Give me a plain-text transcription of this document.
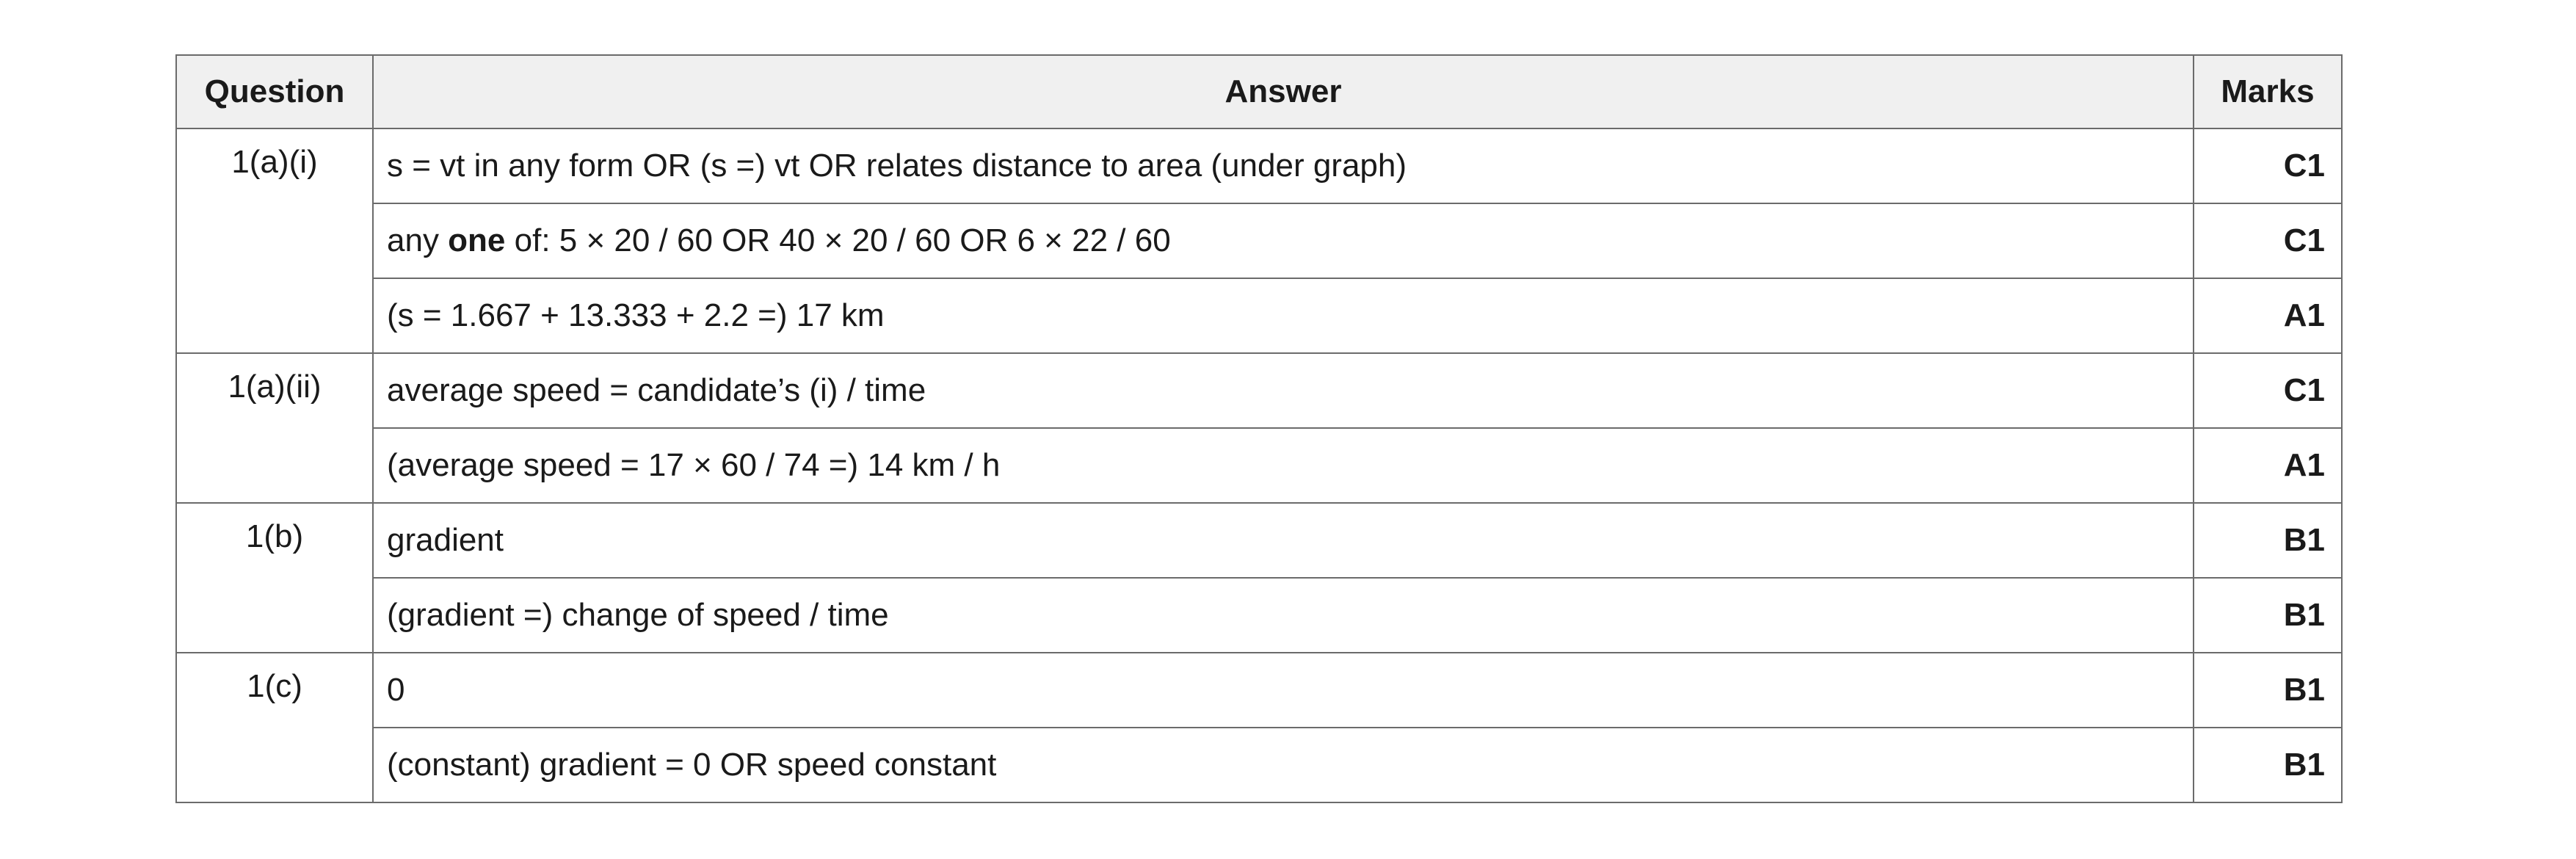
Question	Answer	Marks
1(a)(i)	s = vt in any form OR (s =) vt OR relates distance to area (under graph)	C1
	any one of: 5 × 20 / 60 OR 40 × 20 / 60 OR 6 × 22 / 60	C1
	(s = 1.667 + 13.333 + 2.2 =) 17 km	A1
1(a)(ii)	average speed = candidate’s (i) / time	C1
	(average speed = 17 × 60 / 74 =) 14 km / h	A1
1(b)	gradient	B1
	(gradient =) change of speed / time	B1
1(c)	0	B1
	(constant) gradient = 0 OR speed constant	B1
